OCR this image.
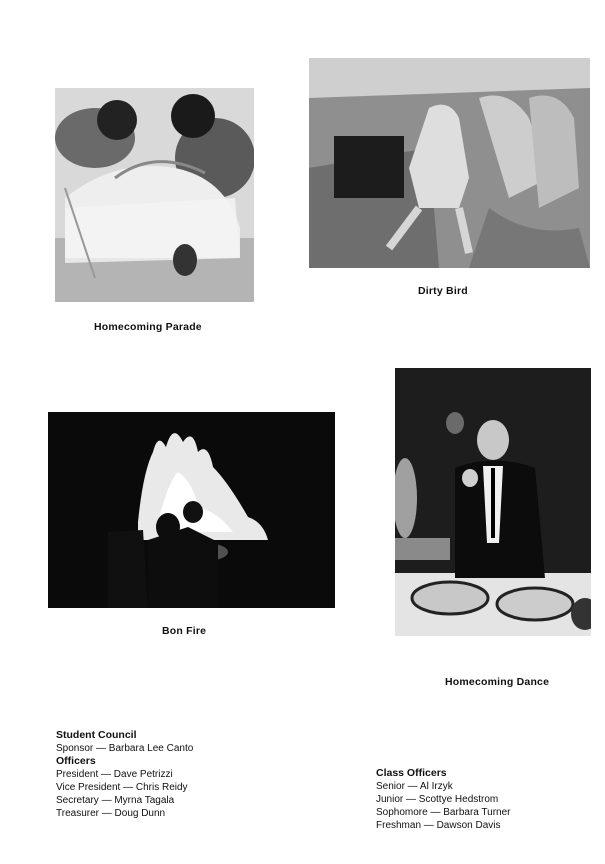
Homecoming Parade
Dirty Bird
Bon Fire
Homecoming Dance
Student Council
Sponsor — Barbara Lee Canto
Officers
President — Dave Petrizzi
Vice President — Chris Reidy
Secretary — Myrna Tagala
Treasurer — Doug Dunn
Class Officers
Senior — Al Irzyk
Junior — Scottye Hedstrom
Sophomore — Barbara Turner
Freshman — Dawson Davis
